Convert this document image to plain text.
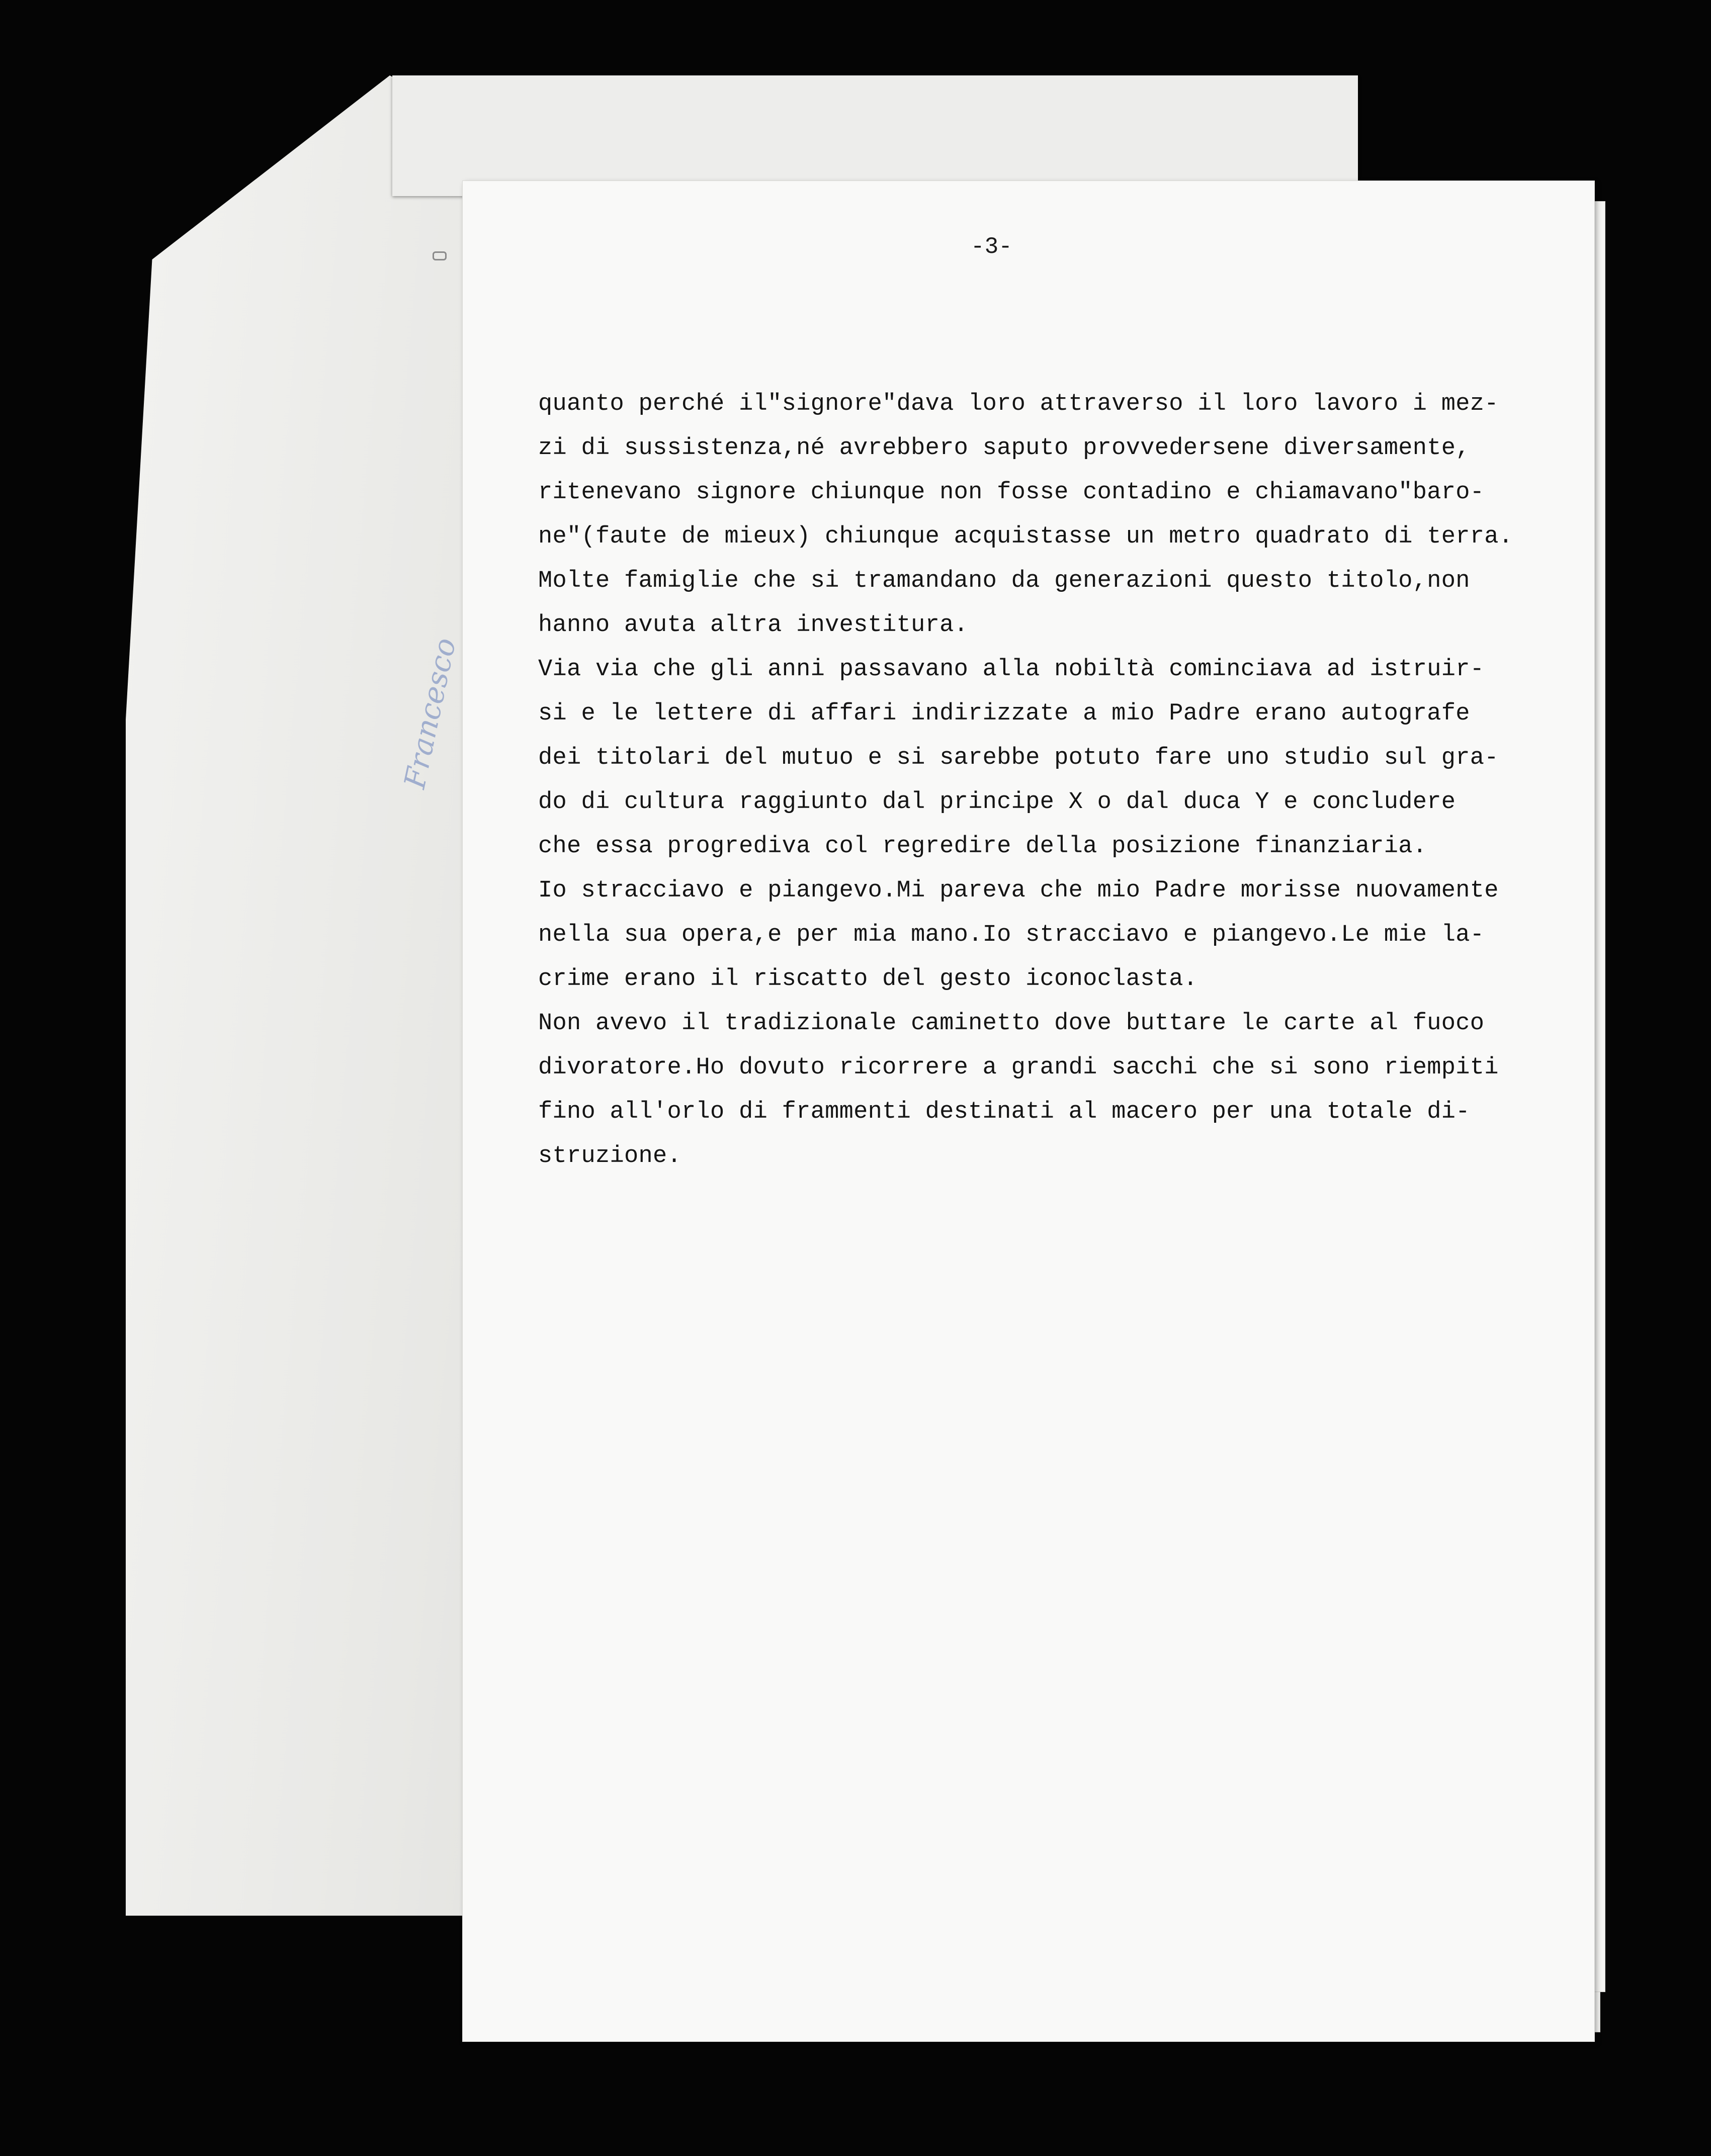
-3-
quanto perché il"signore"dava loro attraverso il loro lavoro i mez-
zi di sussistenza,né avrebbero saputo provvedersene diversamente,
ritenevano signore chiunque non fosse contadino e chiamavano"baro-
ne"(faute de mieux) chiunque acquistasse un metro quadrato di terra.
Molte famiglie che si tramandano da generazioni questo titolo,non
hanno avuta altra investitura.
Via via che gli anni passavano alla nobiltà cominciava ad istruir-
si e le lettere di affari indirizzate a mio Padre erano autografe
dei titolari del mutuo e si sarebbe potuto fare uno studio sul gra-
do di cultura raggiunto dal principe X o dal duca Y e concludere
che essa progrediva col regredire della posizione finanziaria.
Io stracciavo e piangevo.Mi pareva che mio Padre morisse nuovamente
nella sua opera,e per mia mano.Io stracciavo e piangevo.Le mie la-
crime erano il riscatto del gesto iconoclasta.
Non avevo il tradizionale caminetto dove buttare le carte al fuoco
divoratore.Ho dovuto ricorrere a grandi sacchi che si sono riempiti
fino all'orlo di frammenti destinati al macero per una totale di-
struzione.
Francesco
